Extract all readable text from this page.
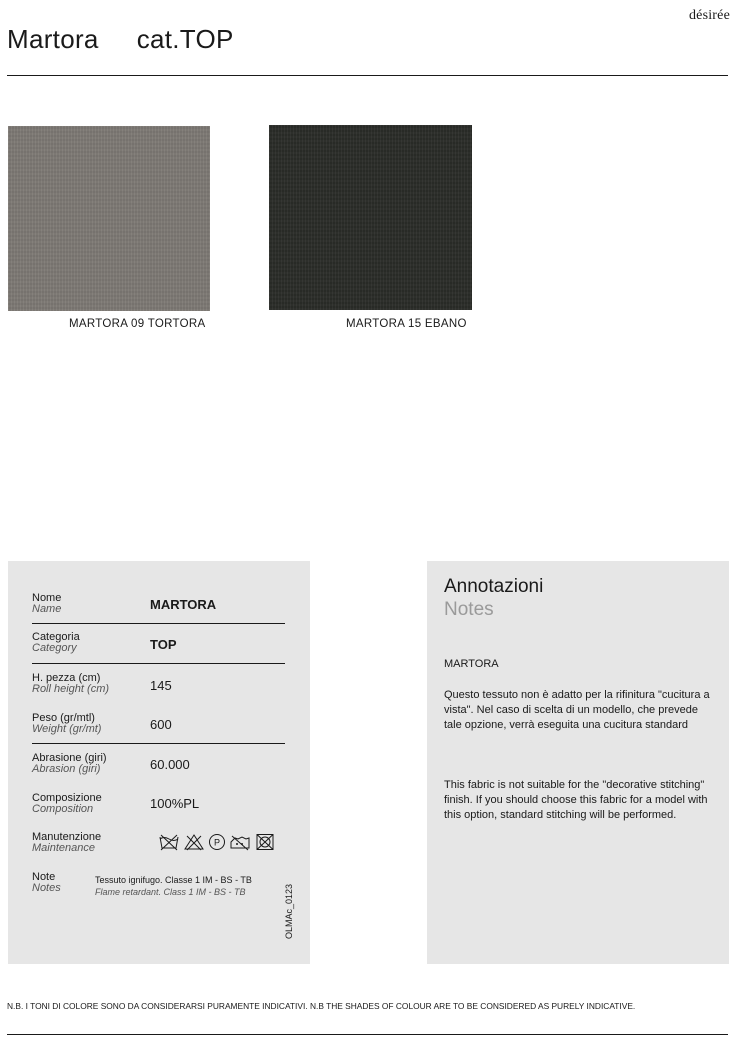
désirée
Martora cat.TOP
MARTORA 09 TORTORA	MARTORA 15 EBANO
Nome
Name	MARTORA
Categoria
Category	TOP
H. pezza (cm)
Roll height (cm)	145
Peso (gr/mtl)
Weight (gr/mt)	600
Abrasione (giri)
Abrasion (giri)	60.000
Composizione
Composition	100%PL
Manutenzione
Maintenance	P
Note
Notes
Tessuto ignifugo. Classe 1 IM - BS - TB
Flame retardant. Class 1 IM - BS - TB	OLMAc_0123
Annotazioni
Notes
MARTORA
Questo tessuto non è adatto per la rifinitura "cucitura a vista". Nel caso di scelta di un modello, che prevede tale opzione, verrà eseguita una cucitura standard
This fabric is not suitable for the "decorative stitching" finish. If you should choose this fabric for a model with this option, standard stitching will be performed.
N.B. I TONI DI COLORE SONO DA CONSIDERARSI PURAMENTE INDICATIVI. N.B THE SHADES OF COLOUR ARE TO BE CONSIDERED AS PURELY INDICATIVE.
